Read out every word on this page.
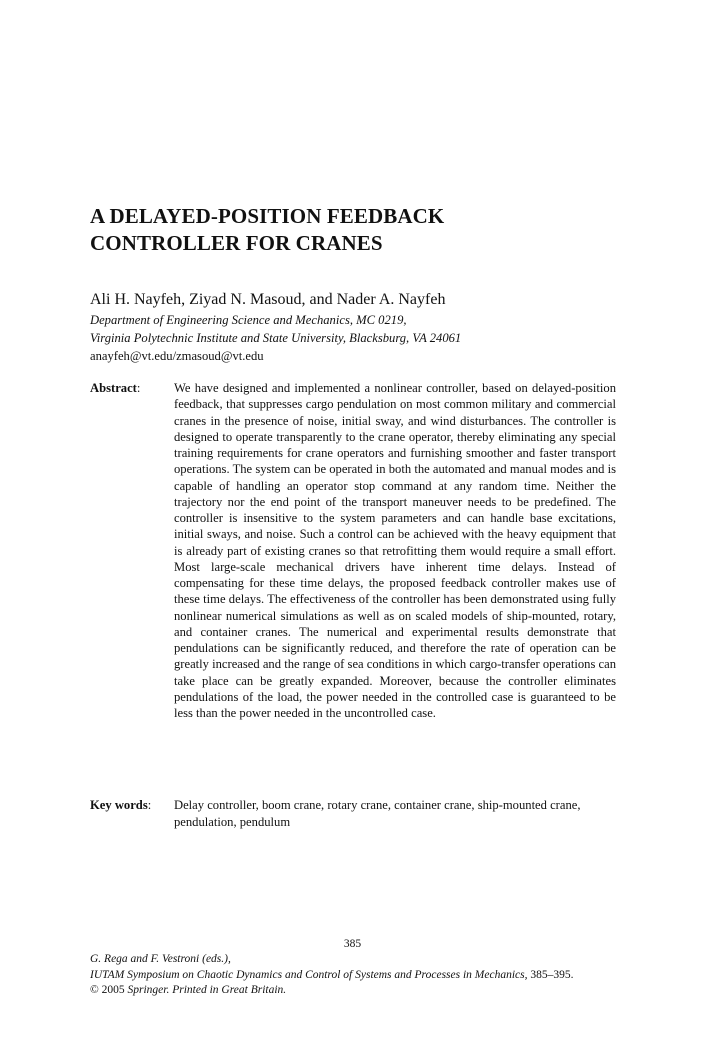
A DELAYED-POSITION FEEDBACK
CONTROLLER FOR CRANES

Ali H. Nayfeh, Ziyad N. Masoud, and Nader A. Nayfeh

Department of Engineering Science and Mechanics, MC 0219,
Virginia Polytechnic Institute and State University, Blacksburg, VA 24061
anayfeh@vt.edu/zmasoud@vt.edu
Abstract:	We have designed and implemented a nonlinear controller, based on delayed-position feedback, that suppresses cargo pendulation on most common military and commercial cranes in the presence of noise, initial sway, and wind disturbances. The controller is designed to operate transparently to the crane operator, thereby eliminating any special training requirements for crane operators and furnishing smoother and faster transport operations. The system can be operated in both the automated and manual modes and is capable of handling an operator stop command at any random time. Neither the trajectory nor the end point of the transport maneuver needs to be predefined. The controller is insensitive to the system parameters and can handle base excitations, initial sways, and noise. Such a control can be achieved with the heavy equipment that is already part of existing cranes so that retrofitting them would require a small effort. Most large-scale mechanical drivers have inherent time delays. Instead of compensating for these time delays, the proposed feedback controller makes use of these time delays. The effectiveness of the controller has been demonstrated using fully nonlinear numerical simulations as well as on scaled models of ship-mounted, rotary, and container cranes. The numerical and experimental results demonstrate that pendulations can be significantly reduced, and therefore the rate of operation can be greatly increased and the range of sea conditions in which cargo-transfer operations can take place can be greatly expanded. Moreover, because the controller eliminates pendulations of the load, the power needed in the controlled case is guaranteed to be less than the power needed in the uncontrolled case.

Key words: Delay controller, boom crane, rotary crane, container crane, ship-mounted crane, pendulation, pendulum

385
G. Rega and F. Vestroni (eds.),
IUTAM Symposium on Chaotic Dynamics and Control of Systems and Processes in Mechanics, 385–395.
© 2005 Springer. Printed in Great Britain.
